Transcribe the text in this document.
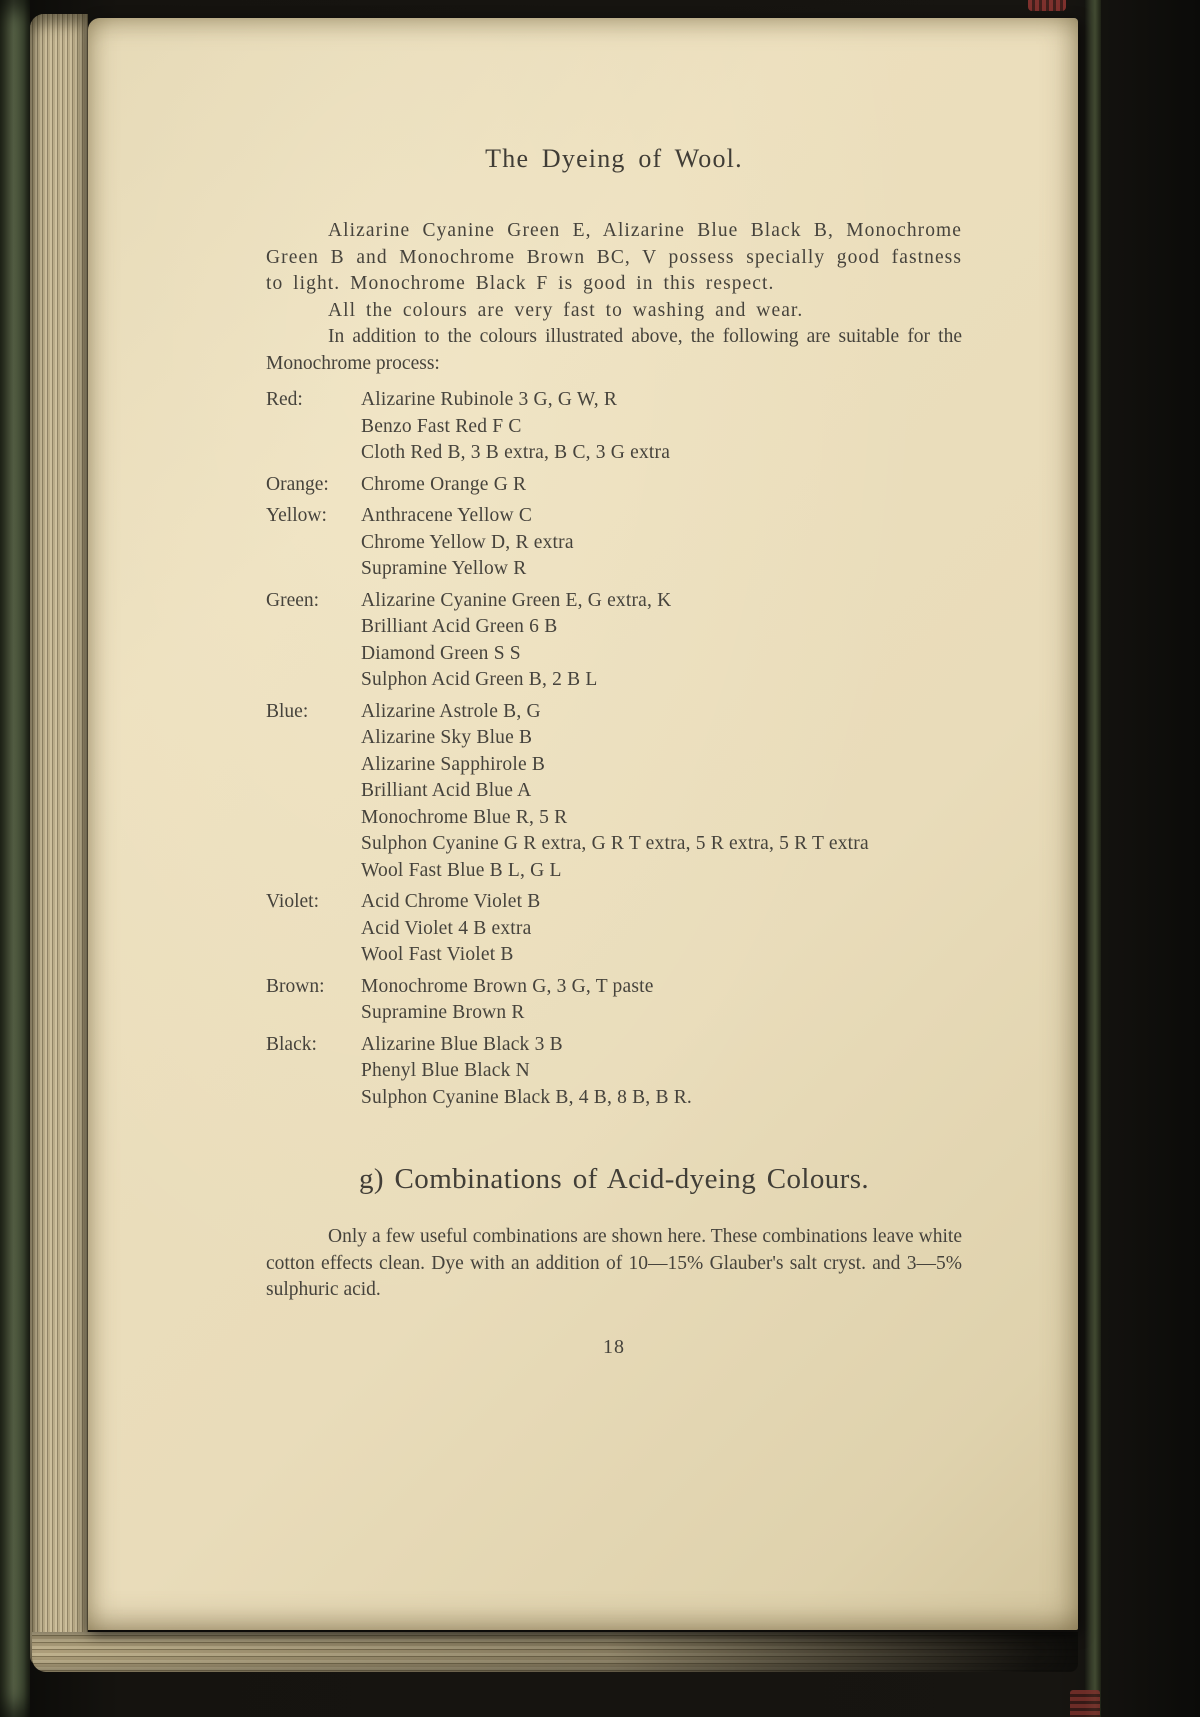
The Dyeing of Wool.

Alizarine Cyanine Green E, Alizarine Blue Black B, Monochrome Green B and Monochrome Brown BC, V possess specially good fastness to light. Monochrome Black F is good in this respect.

All the colours are very fast to washing and wear.

In addition to the colours illustrated above, the following are suitable for the Monochrome process:

Red:	Alizarine Rubinole 3 G, G W, R
Benzo Fast Red F C
Cloth Red B, 3 B extra, B C, 3 G extra
Orange:	Chrome Orange G R
Yellow:	Anthracene Yellow C
Chrome Yellow D, R extra
Supramine Yellow R
Green:	Alizarine Cyanine Green E, G extra, K
Brilliant Acid Green 6 B
Diamond Green S S
Sulphon Acid Green B, 2 B L
Blue:	Alizarine Astrole B, G
Alizarine Sky Blue B
Alizarine Sapphirole B
Brilliant Acid Blue A
Monochrome Blue R, 5 R
Sulphon Cyanine G R extra, G R T extra, 5 R extra, 5 R T extra
Wool Fast Blue B L, G L
Violet:	Acid Chrome Violet B
Acid Violet 4 B extra
Wool Fast Violet B
Brown:	Monochrome Brown G, 3 G, T paste
Supramine Brown R
Black:	Alizarine Blue Black 3 B
Phenyl Blue Black N
Sulphon Cyanine Black B, 4 B, 8 B, B R.
g) Combinations of Acid-dyeing Colours.

Only a few useful combinations are shown here. These combinations leave white cotton effects clean. Dye with an addition of 10—15% Glauber's salt cryst. and 3—5% sulphuric acid.

18
